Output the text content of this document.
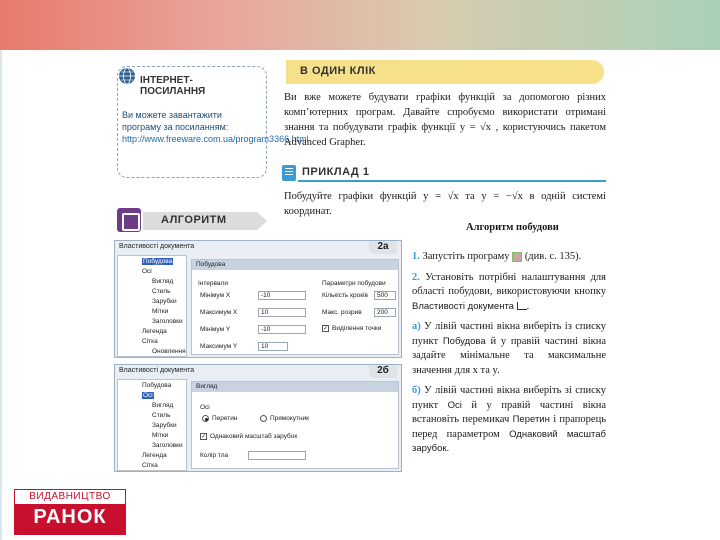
ІНТЕРНЕТ-ПОСИЛАННЯ
Ви можете завантажити програму за посиланням:
http://www.freeware.com.ua/program3366.html
В ОДИН КЛІК
Ви вже можете будувати графіки функцій за допомогою різних комп’ютерних програм. Давайте спробуємо використати отримані знання та побудувати графік функції y = √x , користуючись пакетом Advanced Grapher.
ПРИКЛАД 1
Побудуйте графіки функцій y = √x та y = −√x в одній системі координат.
АЛГОРИТМ
Алгоритм побудови

1. Запустіть програму (див. с. 135).

2. Установіть потрібні налаштування для області побудови, використовуючи кнопку Властивості документа .

а) У лівій частині вікна виберіть із списку пункт Побудова й у правій частині вікна задайте мінімальне та максимальне значення для x та y.

б) У лівій частині вікна виберіть зі списку пункт Осі й у правій частині вікна встановіть перемикач Перетин і прапорець перед параметром Однаковий масштаб зарубок.

Властивості документа	2а
Побудова
Осі
Вигляд
Стиль
Зарубки
Мітки
Заголовки
Легенда
Сітка
Оновлення
Побудова
Інтервали	Параметри побудови
Мінімум X	-10
Максимум X	10
Мінімум Y	-10
Максимум Y	10
Кількість кроків	500
Макс. розрив	200
✓ Виділення точки
Властивості документа	2б
Побудова
Осі
Вигляд
Стиль
Зарубки
Мітки
Заголовки
Легенда
Сітка
Вигляд
Осі
Перетин	Прямокутник
✓ Однаковий масштаб зарубок
Колір тла
ВИДАВНИЦТВО
РАНОК
